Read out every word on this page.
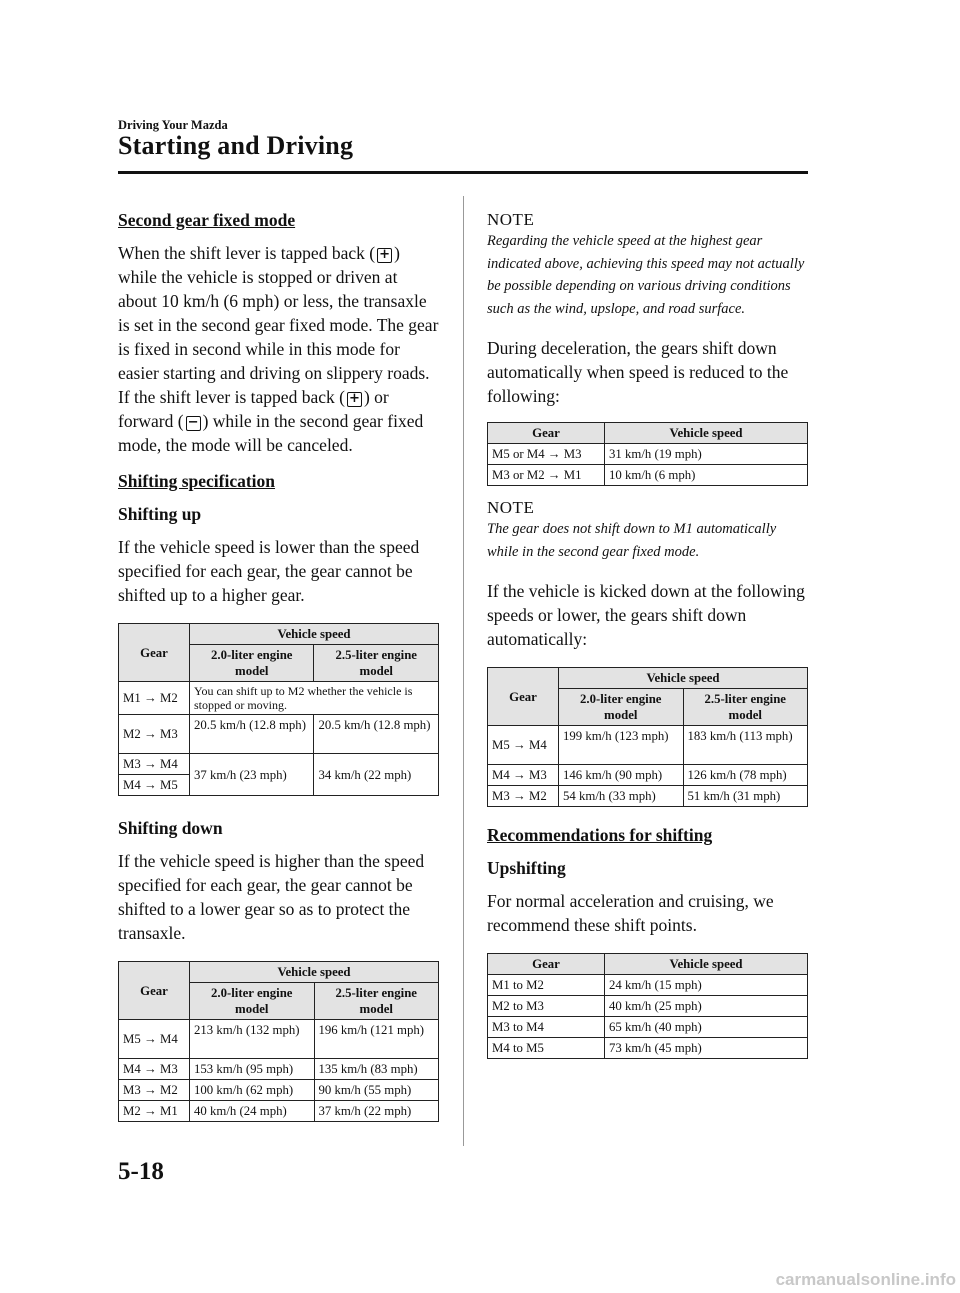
Driving Your Mazda
Starting and Driving
Second gear fixed mode
When the shift lever is tapped back ( + ) while the vehicle is stopped or driven at about 10 km/h (6 mph) or less, the transaxle is set in the second gear fixed mode. The gear is fixed in second while in this mode for easier starting and driving on slippery roads. If the shift lever is tapped back ( + ) or forward ( − ) while in the second gear fixed mode, the mode will be canceled.
Shifting specification
Shifting up
If the vehicle speed is lower than the speed specified for each gear, the gear cannot be shifted up to a higher gear.
Gear	Vehicle speed	
	2.0-liter engine model	2.5-liter engine model
M1 → M2	You can shift up to M2 whether the vehicle is stopped or moving.	
M2 → M3	20.5 km/h (12.8 mph)	20.5 km/h (12.8 mph)
M3 → M4	37 km/h (23 mph)	34 km/h (22 mph)
M4 → M5		
Shifting down
If the vehicle speed is higher than the speed specified for each gear, the gear cannot be shifted to a lower gear so as to protect the transaxle.
Gear	Vehicle speed	
	2.0-liter engine model	2.5-liter engine model
M5 → M4	213 km/h (132 mph)	196 km/h (121 mph)
M4 → M3	153 km/h (95 mph)	135 km/h (83 mph)
M3 → M2	100 km/h (62 mph)	90 km/h (55 mph)
M2 → M1	40 km/h (24 mph)	37 km/h (22 mph)
NOTE
Regarding the vehicle speed at the highest gear indicated above, achieving this speed may not actually be possible depending on various driving conditions such as the wind, upslope, and road surface.
During deceleration, the gears shift down automatically when speed is reduced to the following:
Gear	Vehicle speed
M5 or M4 → M3	31 km/h (19 mph)
M3 or M2 → M1	10 km/h (6 mph)
NOTE
The gear does not shift down to M1 automatically while in the second gear fixed mode.
If the vehicle is kicked down at the following speeds or lower, the gears shift down automatically:
Gear	Vehicle speed	
	2.0-liter engine model	2.5-liter engine model
M5 → M4	199 km/h (123 mph)	183 km/h (113 mph)
M4 → M3	146 km/h (90 mph)	126 km/h (78 mph)
M3 → M2	54 km/h (33 mph)	51 km/h (31 mph)
Recommendations for shifting
Upshifting
For normal acceleration and cruising, we recommend these shift points.
Gear	Vehicle speed
M1 to M2	24 km/h (15 mph)
M2 to M3	40 km/h (25 mph)
M3 to M4	65 km/h (40 mph)
M4 to M5	73 km/h (45 mph)
5-18
carmanualsonline.info
